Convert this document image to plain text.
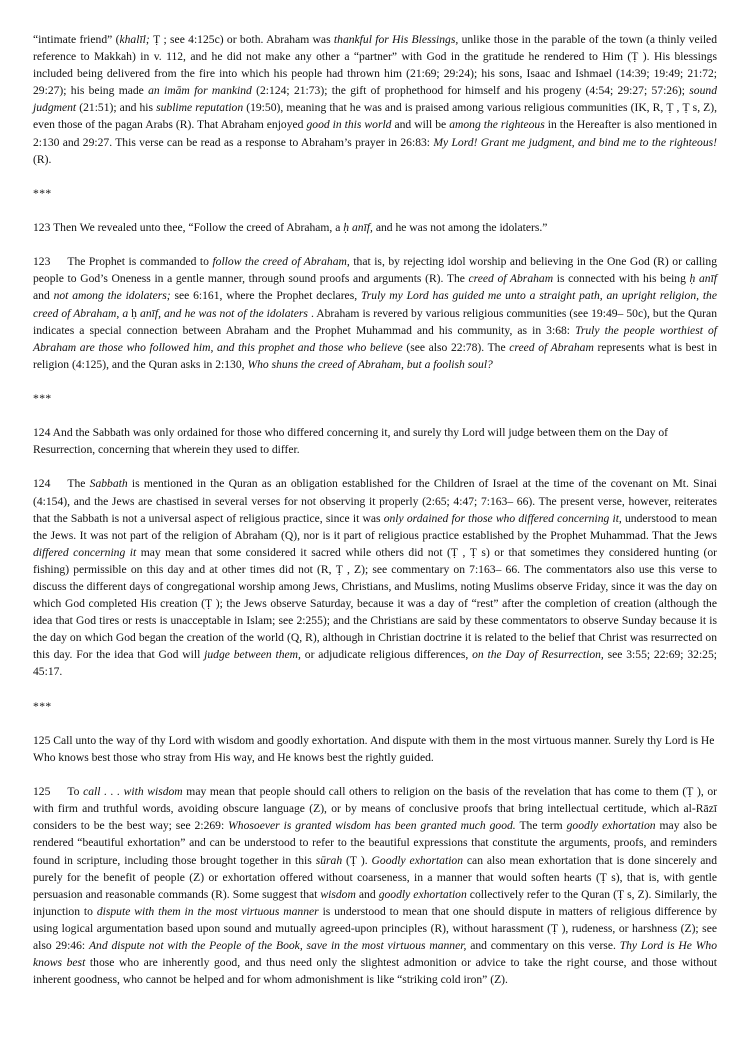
“intimate friend” (khalīl; Ṭ ; see 4:125c) or both. Abraham was thankful for His Blessings, unlike those in the parable of the town (a thinly veiled reference to Makkah) in v. 112, and he did not make any other a “partner” with God in the gratitude he rendered to Him (Ṭ ). His blessings included being delivered from the fire into which his people had thrown him (21:69; 29:24); his sons, Isaac and Ishmael (14:39; 19:49; 21:72; 29:27); his being made an imām for mankind (2:124; 21:73); the gift of prophethood for himself and his progeny (4:54; 29:27; 57:26); sound judgment (21:51); and his sublime reputation (19:50), meaning that he was and is praised among various religious communities (IK, R, Ṭ , Ṭ s, Z), even those of the pagan Arabs (R). That Abraham enjoyed good in this world and will be among the righteous in the Hereafter is also mentioned in 2:130 and 29:27. This verse can be read as a response to Abraham’s prayer in 26:83: My Lord! Grant me judgment, and bind me to the righteous! (R).

***

123 Then We revealed unto thee, “Follow the creed of Abraham, a ḥ anīf, and he was not among the idolaters.”

123 The Prophet is commanded to follow the creed of Abraham, that is, by rejecting idol worship and believing in the One God (R) or calling people to God’s Oneness in a gentle manner, through sound proofs and arguments (R). The creed of Abraham is connected with his being ḥ anīf and not among the idolaters; see 6:161, where the Prophet declares, Truly my Lord has guided me unto a straight path, an upright religion, the creed of Abraham, a ḥ anīf, and he was not of the idolaters . Abraham is revered by various religious communities (see 19:49– 50c), but the Quran indicates a special connection between Abraham and the Prophet Muhammad and his community, as in 3:68: Truly the people worthiest of Abraham are those who followed him, and this prophet and those who believe (see also 22:78). The creed of Abraham represents what is best in religion (4:125), and the Quran asks in 2:130, Who shuns the creed of Abraham, but a foolish soul?

***

124 And the Sabbath was only ordained for those who differed concerning it, and surely thy Lord will judge between them on the Day of Resurrection, concerning that wherein they used to differ.

124 The Sabbath is mentioned in the Quran as an obligation established for the Children of Israel at the time of the covenant on Mt. Sinai (4:154), and the Jews are chastised in several verses for not observing it properly (2:65; 4:47; 7:163– 66). The present verse, however, reiterates that the Sabbath is not a universal aspect of religious practice, since it was only ordained for those who differed concerning it, understood to mean the Jews. It was not part of the religion of Abraham (Q), nor is it part of religious practice established by the Prophet Muhammad. That the Jews differed concerning it may mean that some considered it sacred while others did not (Ṭ , Ṭ s) or that sometimes they considered hunting (or fishing) permissible on this day and at other times did not (R, Ṭ , Z); see commentary on 7:163– 66. The commentators also use this verse to discuss the different days of congregational worship among Jews, Christians, and Muslims, noting Muslims observe Friday, since it was the day on which God completed His creation (Ṭ ); the Jews observe Saturday, because it was a day of “rest” after the completion of creation (although the idea that God tires or rests is unacceptable in Islam; see 2:255); and the Christians are said by these commentators to observe Sunday because it is the day on which God began the creation of the world (Q, R), although in Christian doctrine it is related to the belief that Christ was resurrected on this day. For the idea that God will judge between them, or adjudicate religious differences, on the Day of Resurrection, see 3:55; 22:69; 32:25; 45:17.

***

125 Call unto the way of thy Lord with wisdom and goodly exhortation. And dispute with them in the most virtuous manner. Surely thy Lord is He Who knows best those who stray from His way, and He knows best the rightly guided.

125 To call . . . with wisdom may mean that people should call others to religion on the basis of the revelation that has come to them (Ṭ ), or with firm and truthful words, avoiding obscure language (Z), or by means of conclusive proofs that bring intellectual certitude, which al-Rāzī considers to be the best way; see 2:269: Whosoever is granted wisdom has been granted much good. The term goodly exhortation may also be rendered “beautiful exhortation” and can be understood to refer to the beautiful expressions that constitute the arguments, proofs, and reminders found in scripture, including those brought together in this sūrah (Ṭ ). Goodly exhortation can also mean exhortation that is done sincerely and purely for the benefit of people (Z) or exhortation offered without coarseness, in a manner that would soften hearts (Ṭ s), that is, with gentle persuasion and reasonable commands (R). Some suggest that wisdom and goodly exhortation collectively refer to the Quran (Ṭ s, Z). Similarly, the injunction to dispute with them in the most virtuous manner is understood to mean that one should dispute in matters of religious difference by using logical argumentation based upon sound and mutually agreed-upon principles (R), without harassment (Ṭ ), rudeness, or harshness (Z); see also 29:46: And dispute not with the People of the Book, save in the most virtuous manner, and commentary on this verse. Thy Lord is He Who knows best those who are inherently good, and thus need only the slightest admonition or advice to take the right course, and those without inherent goodness, who cannot be helped and for whom admonishment is like “striking cold iron” (Z).
